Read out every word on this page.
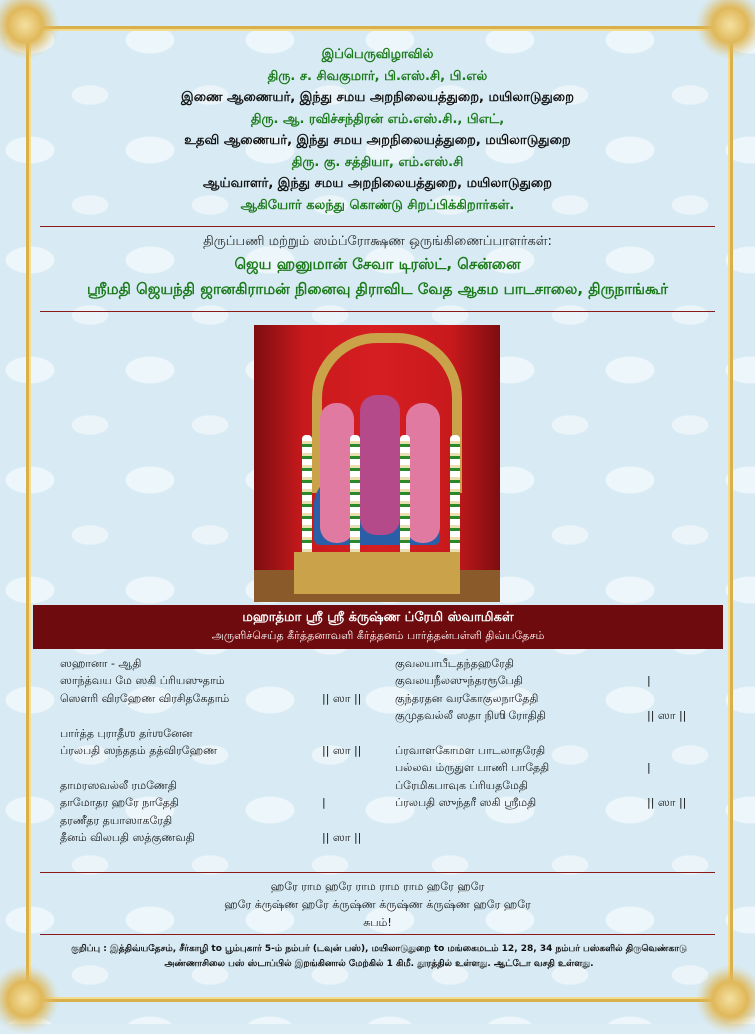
இப்பெருவிழாவில்
திரு. ச. சிவகுமார், பி.எஸ்.சி, பி.எல்
இணை ஆணையர், இந்து சமய அறநிலையத்துறை, மயிலாடுதுறை
திரு. ஆ. ரவிச்சந்திரன் எம்.எஸ்.சி., பிஎட்,
உதவி ஆணையர், இந்து சமய அறநிலையத்துறை, மயிலாடுதுறை
திரு. கு. சத்தியா, எம்.எஸ்.சி
ஆய்வாளர், இந்து சமய அறநிலையத்துறை, மயிலாடுதுறை
ஆகியோர் கலந்து கொண்டு சிறப்பிக்கிறார்கள்.
திருப்பணி மற்றும் ஸம்ப்ரோக்ஷண ஒருங்கிணைப்பாளர்கள்:
ஜெய ஹனுமான் சேவா டிரஸ்ட், சென்னை
ஸ்ரீமதி ஜெயந்தி ஜானகிராமன் நினைவு திராவிட வேத ஆகம பாடசாலை, திருநாங்கூர்
மஹாத்மா ஸ்ரீ ஸ்ரீ க்ருஷ்ண ப்ரேமி ஸ்வாமிகள்
அருளிச்செய்த கீர்த்தனாவளி கீர்த்தனம் பார்த்தன்பள்ளி திவ்யதேசம்
ஸஹானா - ஆதி
ஸாந்த்வய மே ஸகி ப்ரியஸுதாம்
ஸௌரி விரஹேண விரசிதகேதாம்	|| ஸா ||
பார்த்த புராதீஶ தர்ஶனேன
ப்ரலபதி ஸந்ததம் தத்விரஹேண	|| ஸா ||
தாமரஸவல்லீ ரமணேதி
தாமோதர ஹரே நாதேதி	|
தரணீதர தயாஸாகரேதி
தீனம் விலபதி ஸத்குணவதி	|| ஸா ||
குவலயாபீடதந்தஹரேதி
குவலயநீலஸுந்தரரூபேதி	|
குந்தரதன வரகோகுலநாதேதி
குமுதவல்லீ ஸதா நிஶி ரோதிதி	|| ஸா ||
ப்ரவாளகோமள பாடலாதரேதி
பல்லவ ம்ருதுள பாணி பாதேதி	|
ப்ரேமிகபாவுக ப்ரியதமேதி
ப்ரலபதி ஸுந்தரீ ஸகி ஸ்ரீமதி	|| ஸா ||
ஹரே ராம ஹரே ராம ராம ராம ஹரே ஹரே
ஹரே க்ருஷ்ண ஹரே க்ருஷ்ண க்ருஷ்ண க்ருஷ்ண ஹரே ஹரே
சுபம்!
குறிப்பு : இத்திவ்யதேசம், சீர்காழி to பூம்புகார் 5-ம் நம்பர் (டவுன் பஸ்), மயிலாடுதுறை to மங்கைமடம் 12, 28, 34 நம்பர் பஸ்களில் திருவெண்காடு
அண்ணாசிலை பஸ் ஸ்டாப்பில் இறங்கினால் மேற்கில் 1 கிமீ. தூரத்தில் உள்ளது. ஆட்டோ வசதி உள்ளது.
